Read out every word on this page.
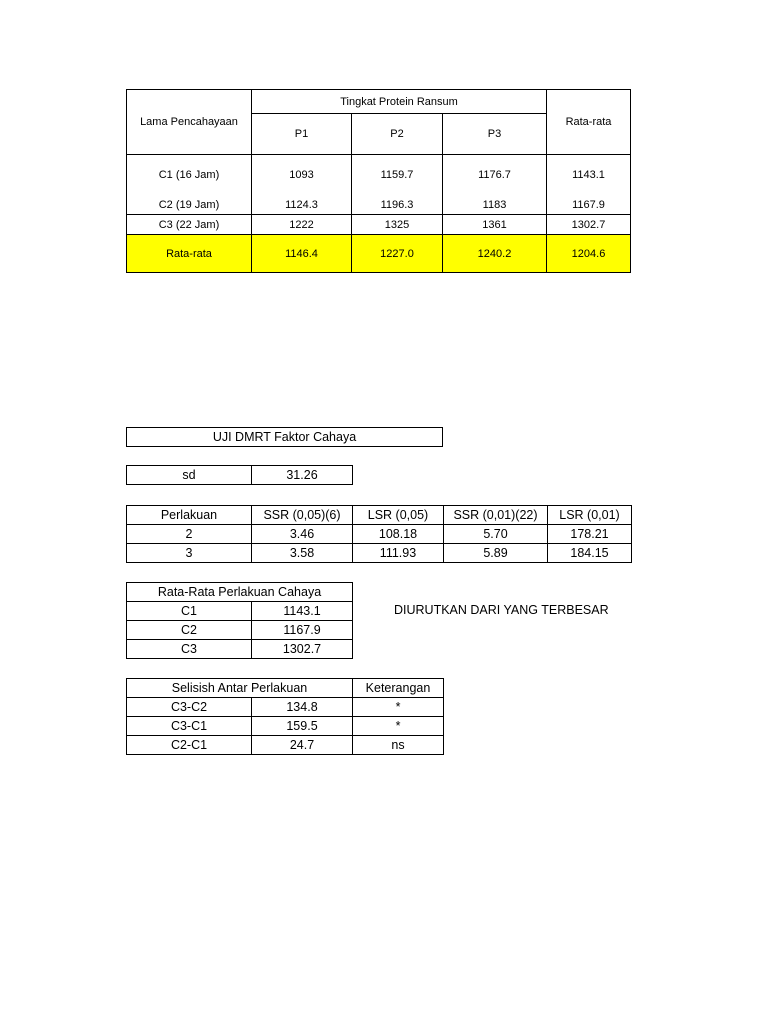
Lama Pencahayaan	Tingkat Protein Ransum			Rata-rata
	P1	P2	P3	
C1 (16 Jam)	1093	1159.7	1176.7	1143.1
C2 (19 Jam)	1124.3	1196.3	1183	1167.9
C3 (22 Jam)	1222	1325	1361	1302.7
Rata-rata	1146.4	1227.0	1240.2	1204.6
UJI DMRT Faktor Cahaya
sd	31.26
Perlakuan	SSR (0,05)(6)	LSR (0,05)	SSR (0,01)(22)	LSR (0,01)
2	3.46	108.18	5.70	178.21
3	3.58	111.93	5.89	184.15
Rata-Rata Perlakuan Cahaya	
C1	1143.1
C2	1167.9
C3	1302.7
DIURUTKAN DARI YANG TERBESAR
Selisish Antar Perlakuan		Keterangan
C3-C2	134.8	*
C3-C1	159.5	*
C2-C1	24.7	ns
